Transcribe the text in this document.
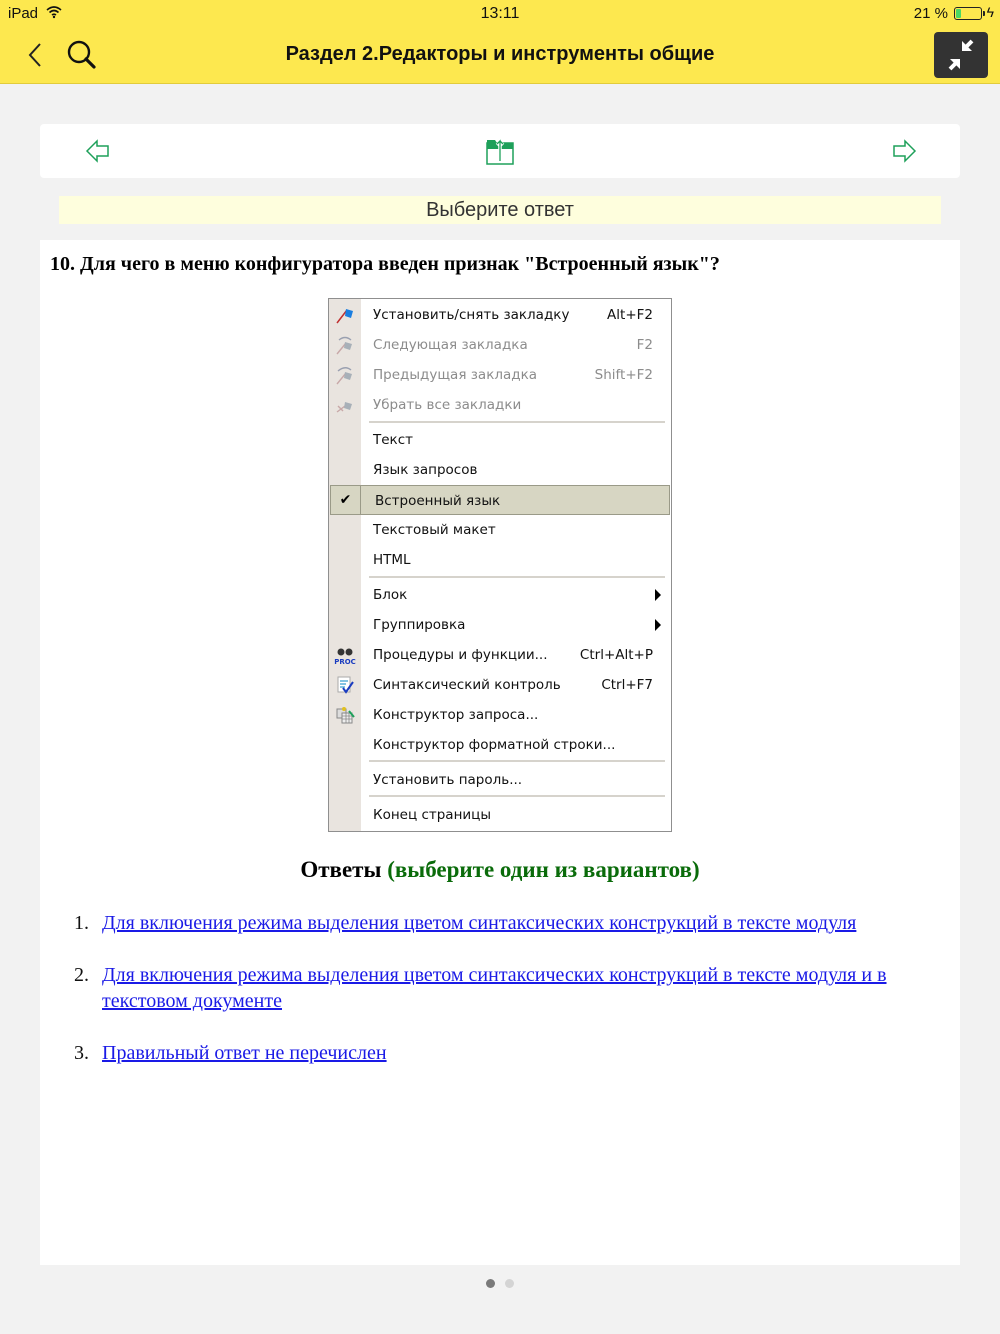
iPad	13:11	21 %	ϟ
Раздел 2.Редакторы и инструменты общие
Выберите ответ
10. Для чего в меню конфигуратора введен признак "Встроенный язык"?
Установить/снять закладку	Alt+F2
Следующая закладка	F2
Предыдущая закладка	Shift+F2
Убрать все закладки
Текст
Язык запросов
✔	Встроенный язык
Текстовый макет
HTML
Блок
Группировка
PROC Процедуры и функции... Ctrl+Alt+P
Синтаксический контроль	Ctrl+F7
Конструктор запроса...
Конструктор форматной строки...
Установить пароль...
Конец страницы
Ответы (выберите один из вариантов)
1. Для включения режима выделения цветом синтаксических конструкций в тексте модуля
2. Для включения режима выделения цветом синтаксических конструкций в тексте модуля и в текстовом документе
3. Правильный ответ не перечислен
